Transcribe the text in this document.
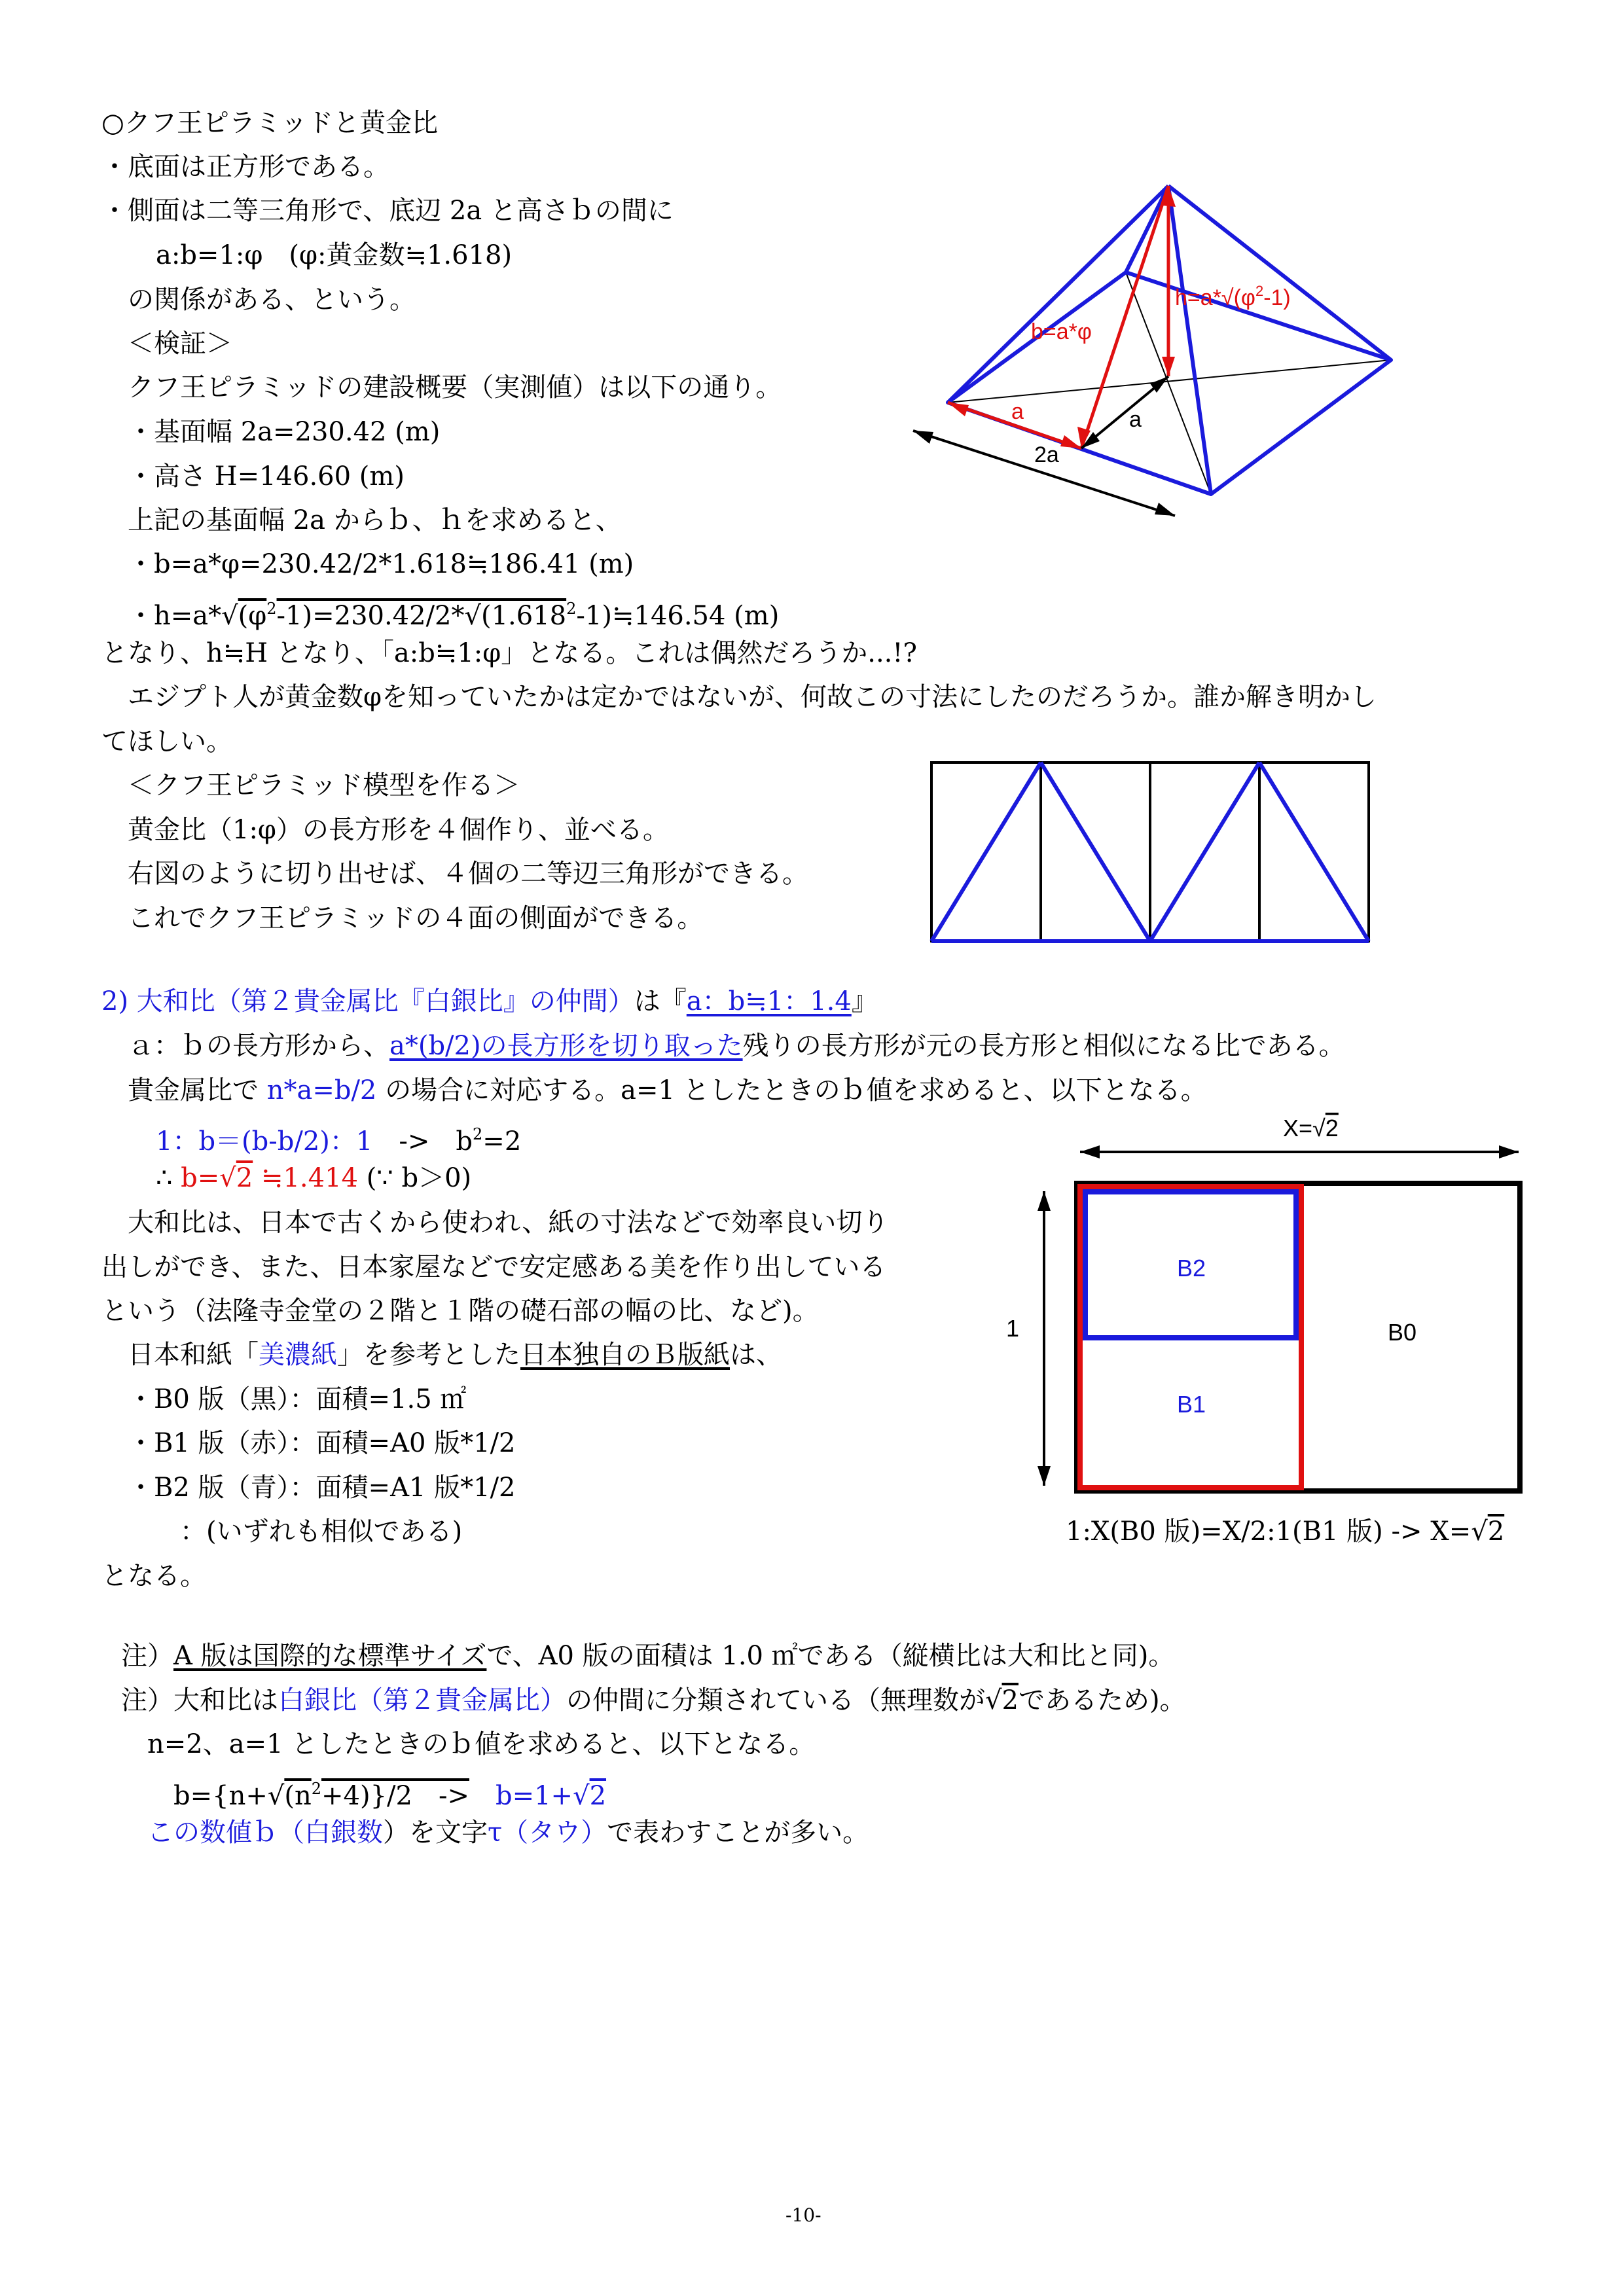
○クフ王ピラミッドと黄金比
・底面は正方形である。
・側面は二等三角形で、底辺 2a と高さｂの間に
a:b=1:φ　(φ:黄金数≒1.618)
の関係がある、という。
＜検証＞
クフ王ピラミッドの建設概要（実測値）は以下の通り。
・基面幅 2a=230.42 (m)
・高さ H=146.60 (m)
上記の基面幅 2a からｂ、ｈを求めると、
・b=a*φ=230.42/2*1.618≒186.41 (m)
・$h=a*√(\varphi^2-1)=230.42/2*√(1.618^2-1)≒146.54$ (m)
となり、h≒H となり、「a:b≒1:φ」となる。これは偶然だろうか...!?
エジプト人が黄金数φを知っていたかは定かではないが、何故この寸法にしたのだろうか。誰か解き明かし
てほしい。
＜クフ王ピラミッド模型を作る＞
黄金比（1:φ）の長方形を４個作り、並べる。
右図のように切り出せば、４個の二等辺三角形ができる。
これでクフ王ピラミッドの４面の側面ができる。
b=a*φ
$h=a*√(\varphi^2-1)$
a	a
2a
2) 大和比（第２貴金属比『白銀比』の仲間）は『a：b≒1：1.4』
ａ：ｂの長方形から、a*(b/2)の長方形を切り取った残りの長方形が元の長方形と相似になる比である。
貴金属比で n*a=b/2 の場合に対応する。a=1 としたときのｂ値を求めると、以下となる。
1：b＝(b-b/2)：1　 ->　$b^2=2$
∴ b=√2 ≒1.414 (∵ b＞0)
大和比は、日本で古くから使われ、紙の寸法などで効率良い切り
出しができ、また、日本家屋などで安定感ある美を作り出している
という（法隆寺金堂の２階と１階の礎石部の幅の比、など)。
日本和紙「美濃紙」を参考とした日本独自のＢ版紙は、
・B0 版（黒）：面積=1.5 ㎡
・B1 版（赤）：面積=A0 版*1/2
・B2 版（青）：面積=A1 版*1/2
：(いずれも相似である)
となる。
X=√2
1
B2
B1
B0
1:X(B0 版)=X/2:1(B1 版) -> X=√2
注）A 版は国際的な標準サイズで、A0 版の面積は 1.0 ㎡である（縦横比は大和比と同)。
注）大和比は白銀比（第２貴金属比）の仲間に分類されている（無理数が√2であるため)。
n=2、a=1 としたときのｂ値を求めると、以下となる。
$b=\{n+√(n^2+4)\}/2$　->　 b=1+√2
この数値ｂ（白銀数）を文字τ（タウ）で表わすことが多い。
-10-
